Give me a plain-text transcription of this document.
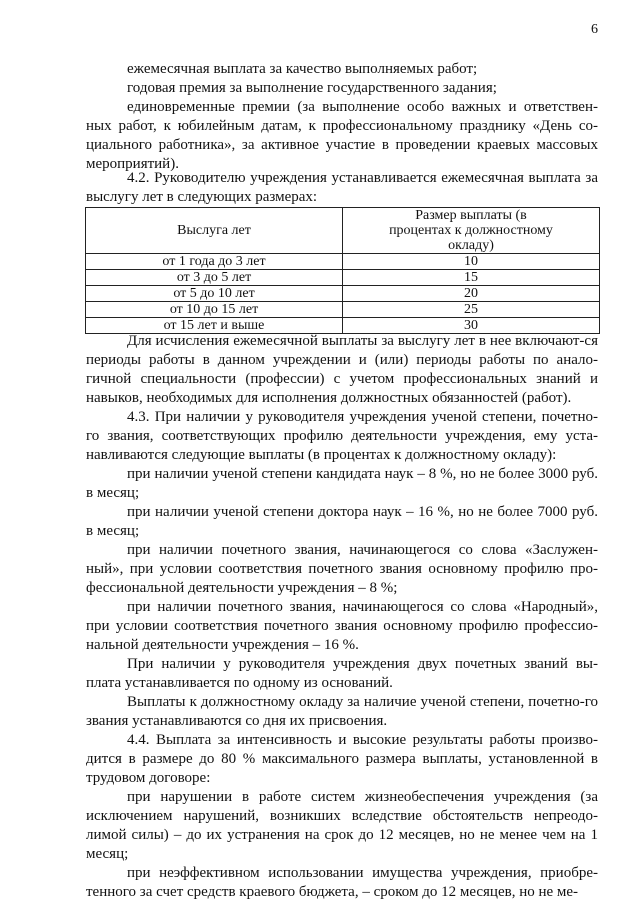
6
ежемесячная выплата за качество выполняемых работ;
годовая премия за выполнение государственного задания;
единовременные премии (за выполнение особо важных и ответствен-ных работ, к юбилейным датам, к профессиональному празднику «День со-циального работника», за активное участие в проведении краевых массовых мероприятий).
4.2. Руководителю учреждения устанавливается ежемесячная выплата за выслугу лет в следующих размерах:
Выслуга лет	Размер выплаты (в процентах к должностному окладу)
от 1 года до 3 лет	10
от 3 до 5 лет	15
от 5 до 10 лет	20
от 10 до 15 лет	25
от 15 лет и выше	30
Для исчисления ежемесячной выплаты за выслугу лет в нее включают-ся периоды работы в данном учреждении и (или) периоды работы по анало-гичной специальности (профессии) с учетом профессиональных знаний и навыков, необходимых для исполнения должностных обязанностей (работ).
4.3. При наличии у руководителя учреждения ученой степени, почетно-го звания, соответствующих профилю деятельности учреждения, ему уста-навливаются следующие выплаты (в процентах к должностному окладу):
при наличии ученой степени кандидата наук – 8 %, но не более 3000 руб. в месяц;
при наличии ученой степени доктора наук – 16 %, но не более 7000 руб. в месяц;
при наличии почетного звания, начинающегося со слова «Заслужен-ный», при условии соответствия почетного звания основному профилю про-фессиональной деятельности учреждения – 8 %;
при наличии почетного звания, начинающегося со слова «Народный», при условии соответствия почетного звания основному профилю профессио-нальной деятельности учреждения – 16 %.
При наличии у руководителя учреждения двух почетных званий вы-плата устанавливается по одному из оснований.
Выплаты к должностному окладу за наличие ученой степени, почетно-го звания устанавливаются со дня их присвоения.
4.4. Выплата за интенсивность и высокие результаты работы произво-дится в размере до 80 % максимального размера выплаты, установленной в трудовом договоре:
при нарушении в работе систем жизнеобеспечения учреждения (за исключением нарушений, возникших вследствие обстоятельств непреодо-лимой силы) – до их устранения на срок до 12 месяцев, но не менее чем на 1 месяц;
при неэффективном использовании имущества учреждения, приобре-тенного за счет средств краевого бюджета, – сроком до 12 месяцев, но не ме-
